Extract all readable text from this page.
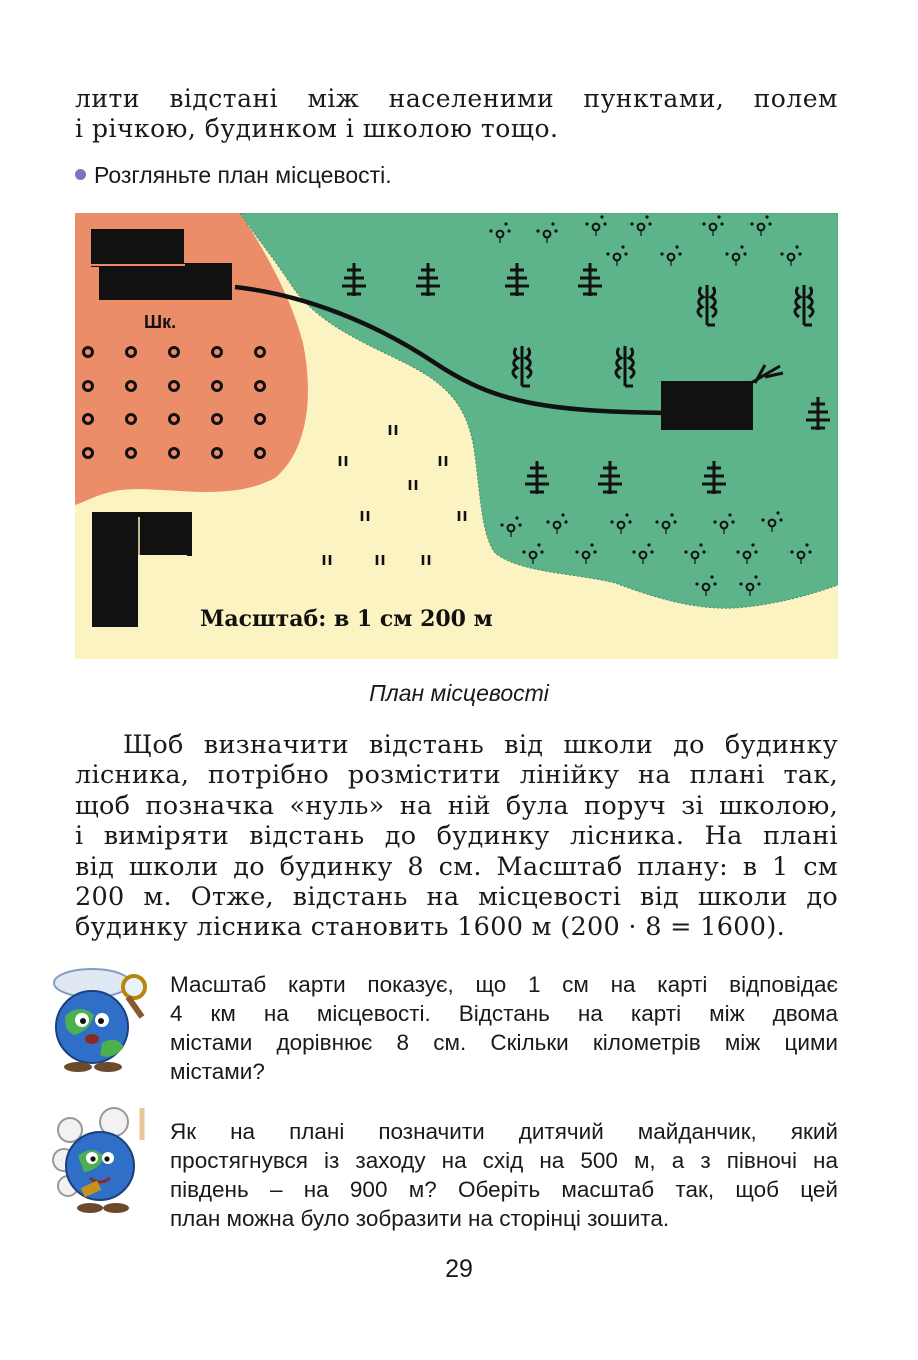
лити відстані між населеними пунктами, полем
і річкою, будинком і школою тощо.

Розгляньте план місцевості.

Шк.
Масштаб: в 1 см 200 м

План місцевості

Щоб визначити відстань від школи до будинку
лісника, потрібно розмістити лінійку на плані так,
щоб позначка «нуль» на ній була поруч зі школою,
і виміряти відстань до будинку лісника. На плані
від школи до будинку 8 см. Масштаб плану: в 1 см
200 м. Отже, відстань на місцевості від школи до
будинку лісника становить 1600 м (200 · 8 = 1600).

Масштаб карти показує, що 1 см на карті відповідає
4 км на місцевості. Відстань на карті між двома
містами дорівнює 8 см. Скільки кілометрів між цими
містами?

Як на плані позначити дитячий майданчик, який
простягнувся із заходу на схід на 500 м, а з півночі на
південь – на 900 м? Оберіть масштаб так, щоб цей
план можна було зобразити на сторінці зошита.

29
